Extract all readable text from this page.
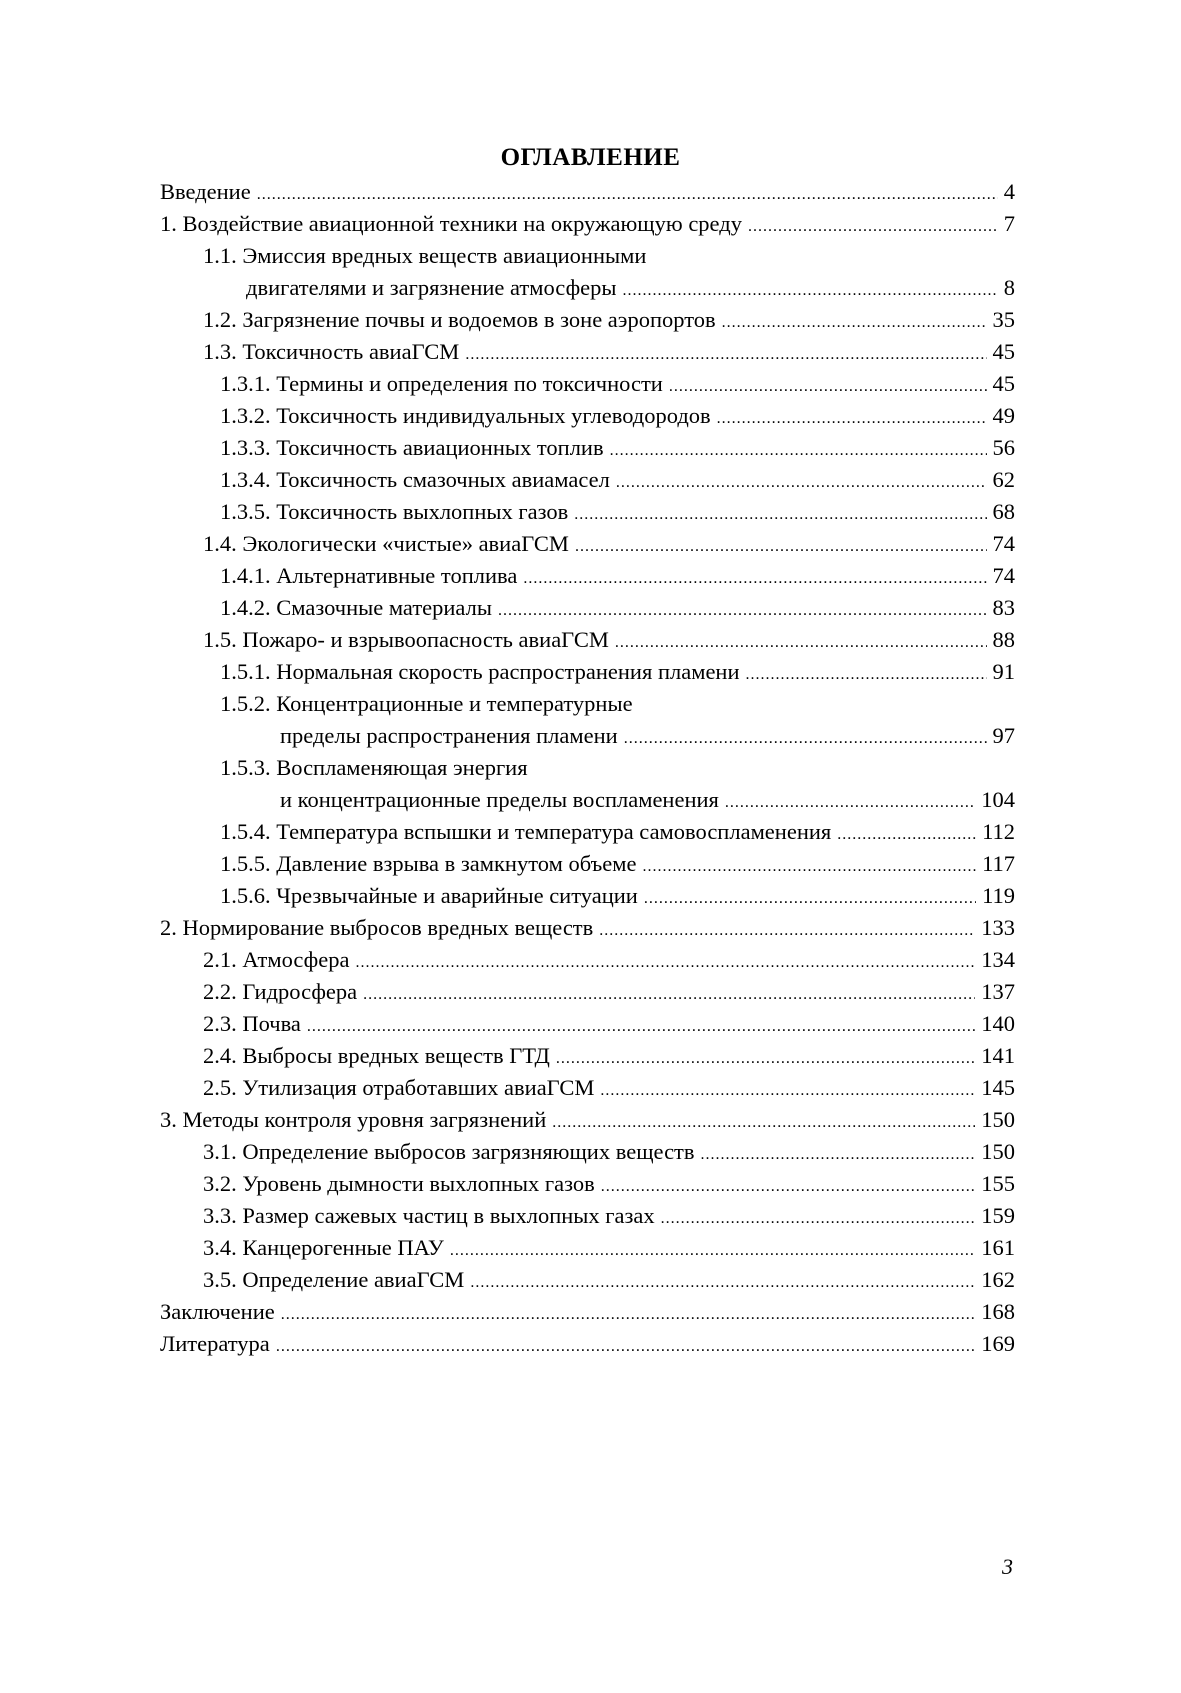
ОГЛАВЛЕНИЕ
Введение .....	4
1. Воздействие авиационной техники на окружающую среду .....	7
1.1. Эмиссия вредных веществ авиационными
двигателями и загрязнение атмосферы .....	8
1.2. Загрязнение почвы и водоемов в зоне аэропортов .....	35
1.3. Токсичность авиаГСМ .....	45
1.3.1. Термины и определения по токсичности .....	45
1.3.2. Токсичность индивидуальных углеводородов .....	49
1.3.3. Токсичность авиационных топлив .....	56
1.3.4. Токсичность смазочных авиамасел .....	62
1.3.5. Токсичность выхлопных газов .....	68
1.4. Экологически «чистые» авиаГСМ .....	74
1.4.1. Альтернативные топлива .....	74
1.4.2. Смазочные материалы .....	83
1.5. Пожаро- и взрывоопасность авиаГСМ .....	88
1.5.1. Нормальная скорость распространения пламени .....	91
1.5.2. Концентрационные и температурные
пределы распространения пламени .....	97
1.5.3. Воспламеняющая энергия
и концентрационные пределы воспламенения .....	104
1.5.4. Температура вспышки и температура самовоспламенения .....	112
1.5.5. Давление взрыва в замкнутом объеме .....	117
1.5.6. Чрезвычайные и аварийные ситуации .....	119
2. Нормирование выбросов вредных веществ .....	133
2.1. Атмосфера .....	134
2.2. Гидросфера .....	137
2.3. Почва .....	140
2.4. Выбросы вредных веществ ГТД .....	141
2.5. Утилизация отработавших авиаГСМ .....	145
3. Методы контроля уровня загрязнений .....	150
3.1. Определение выбросов загрязняющих веществ .....	150
3.2. Уровень дымности выхлопных газов .....	155
3.3. Размер сажевых частиц в выхлопных газах .....	159
3.4. Канцерогенные ПАУ .....	161
3.5. Определение авиаГСМ .....	162
Заключение .....	168
Литература .....	169
3
